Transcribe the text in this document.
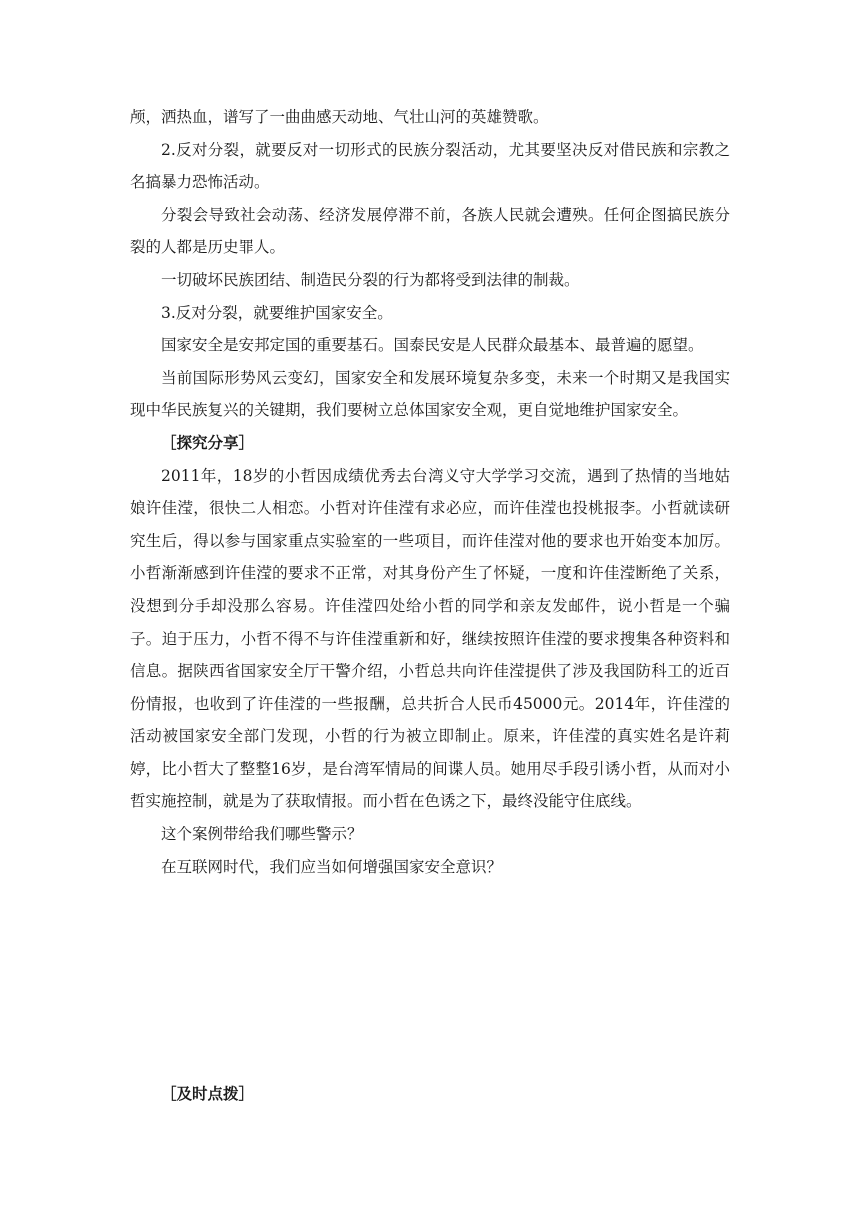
颅，洒热血，谱写了一曲曲感天动地、气壮山河的英雄赞歌。

2.反对分裂，就要反对一切形式的民族分裂活动，尤其要坚决反对借民族和宗教之名搞暴力恐怖活动。

分裂会导致社会动荡、经济发展停滞不前，各族人民就会遭殃。任何企图搞民族分裂的人都是历史罪人。

一切破坏民族团结、制造民分裂的行为都将受到法律的制裁。

3.反对分裂，就要维护国家安全。

国家安全是安邦定国的重要基石。国泰民安是人民群众最基本、最普遍的愿望。

当前国际形势风云变幻，国家安全和发展环境复杂多变，未来一个时期又是我国实现中华民族复兴的关键期，我们要树立总体国家安全观，更自觉地维护国家安全。

［探究分享］

2011年，18岁的小哲因成绩优秀去台湾义守大学学习交流，遇到了热情的当地姑娘许佳滢，很快二人相恋。小哲对许佳滢有求必应，而许佳滢也投桃报李。小哲就读研究生后，得以参与国家重点实验室的一些项目，而许佳滢对他的要求也开始变本加厉。小哲渐渐感到许佳滢的要求不正常，对其身份产生了怀疑，一度和许佳滢断绝了关系，没想到分手却没那么容易。许佳滢四处给小哲的同学和亲友发邮件，说小哲是一个骗子。迫于压力，小哲不得不与许佳滢重新和好，继续按照许佳滢的要求搜集各种资料和信息。据陕西省国家安全厅干警介绍，小哲总共向许佳滢提供了涉及我国防科工的近百份情报，也收到了许佳滢的一些报酬，总共折合人民币45000元。2014年，许佳滢的活动被国家安全部门发现，小哲的行为被立即制止。原来，许佳滢的真实姓名是许莉婷，比小哲大了整整16岁，是台湾军情局的间谍人员。她用尽手段引诱小哲，从而对小哲实施控制，就是为了获取情报。而小哲在色诱之下，最终没能守住底线。

这个案例带给我们哪些警示？

在互联网时代，我们应当如何增强国家安全意识？

［及时点拨］
